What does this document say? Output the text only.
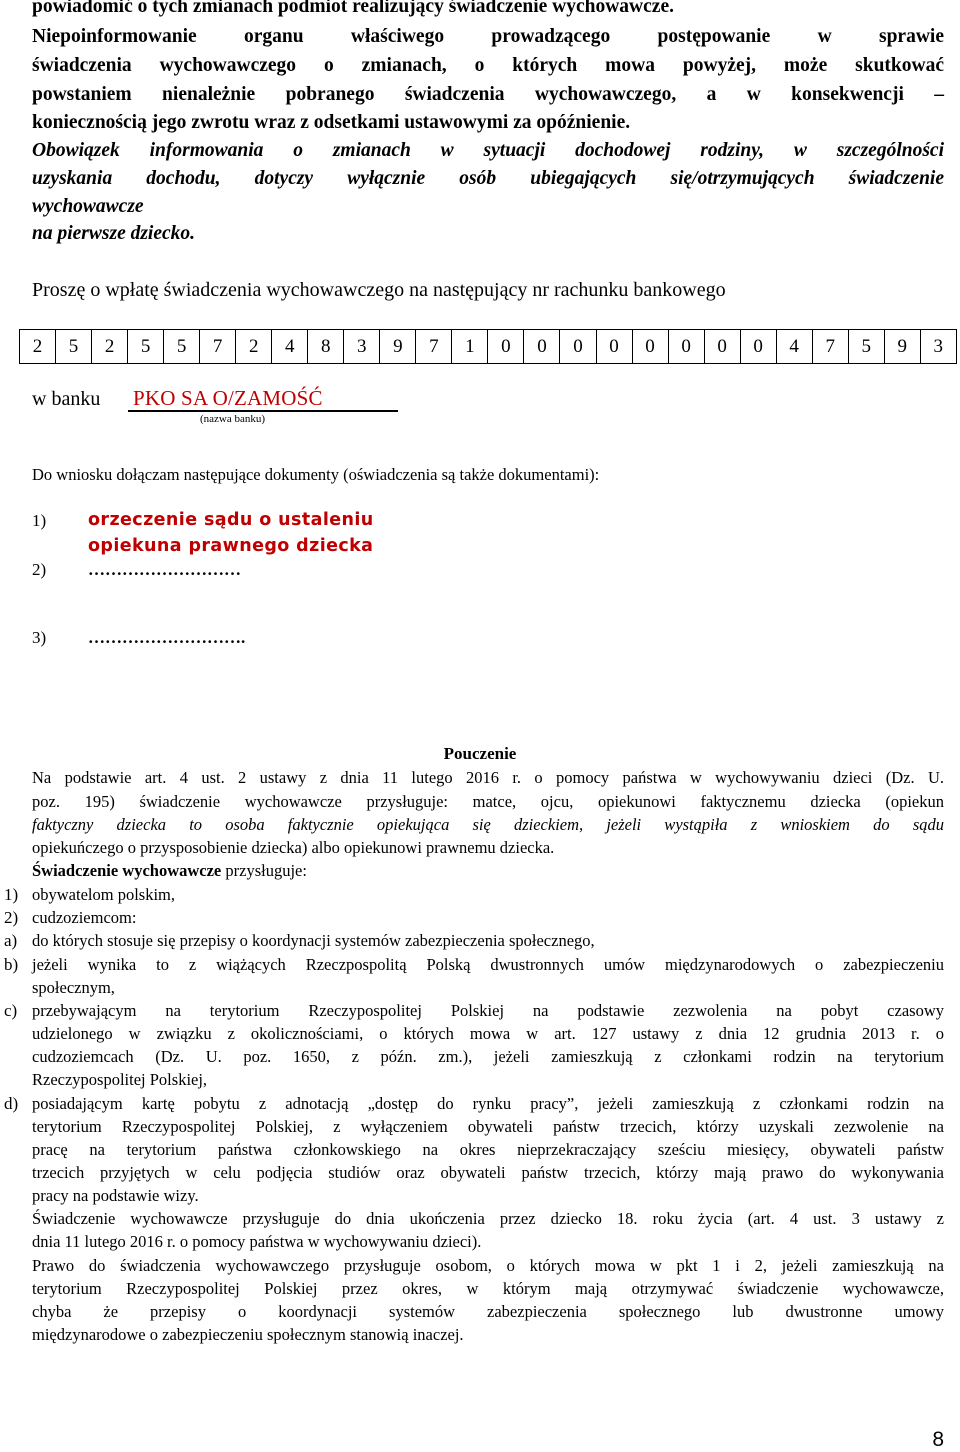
powiadomić o tych zmianach podmiot realizujący świadczenie wychowawcze.
Niepoinformowanie organu właściwego prowadzącego postępowanie w sprawie
świadczenia wychowawczego o zmianach, o których mowa powyżej, może skutkować
powstaniem nienależnie pobranego świadczenia wychowawczego, a w konsekwencji –
koniecznością jego zwrotu wraz z odsetkami ustawowymi za opóźnienie.
Obowiązek informowania o zmianach w sytuacji dochodowej rodziny, w szczególności
uzyskania dochodu, dotyczy wyłącznie osób ubiegających się/otrzymujących świadczenie
wychowawcze
na pierwsze dziecko.
Proszę o wpłatę świadczenia wychowawczego na następujący nr rachunku bankowego
2	5	2	5	5	7	2	4	8	3	9	7	1	0	0	0	0	0	0	0	0	4	7	5	9	3
w banku	PKO SA O/ZAMOŚĆ
(nazwa banku)
Do wniosku dołączam następujące dokumenty (oświadczenia są także dokumentami):
1) orzeczenie sądu o ustaleniu
opiekuna prawnego dziecka
2) ………………………
3) ……………………….
Pouczenie
Na podstawie art. 4 ust. 2 ustawy z dnia 11 lutego 2016 r. o pomocy państwa w wychowywaniu dzieci (Dz. U.
poz. 195) świadczenie wychowawcze przysługuje: matce, ojcu, opiekunowi faktycznemu dziecka (opiekun
faktyczny dziecka to osoba faktycznie opiekująca się dzieckiem, jeżeli wystąpiła z wnioskiem do sądu
opiekuńczego o przysposobienie dziecka) albo opiekunowi prawnemu dziecka.
Świadczenie wychowawcze przysługuje:
1) obywatelom polskim,
2) cudzoziemcom:
a) do których stosuje się przepisy o koordynacji systemów zabezpieczenia społecznego,
b) jeżeli wynika to z wiążących Rzeczpospolitą Polską dwustronnych umów międzynarodowych o zabezpieczeniu
społecznym,
c) przebywającym na terytorium Rzeczypospolitej Polskiej na podstawie zezwolenia na pobyt czasowy
udzielonego w związku z okolicznościami, o których mowa w art. 127 ustawy z dnia 12 grudnia 2013 r. o
cudzoziemcach (Dz. U. poz. 1650, z późn. zm.), jeżeli zamieszkują z członkami rodzin na terytorium
Rzeczypospolitej Polskiej,
d) posiadającym kartę pobytu z adnotacją „dostęp do rynku pracy”, jeżeli zamieszkują z członkami rodzin na
terytorium Rzeczypospolitej Polskiej, z wyłączeniem obywateli państw trzecich, którzy uzyskali zezwolenie na
pracę na terytorium państwa członkowskiego na okres nieprzekraczający sześciu miesięcy, obywateli państw
trzecich przyjętych w celu podjęcia studiów oraz obywateli państw trzecich, którzy mają prawo do wykonywania
pracy na podstawie wizy.
Świadczenie wychowawcze przysługuje do dnia ukończenia przez dziecko 18. roku życia (art. 4 ust. 3 ustawy z
dnia 11 lutego 2016 r. o pomocy państwa w wychowywaniu dzieci).
Prawo do świadczenia wychowawczego przysługuje osobom, o których mowa w pkt 1 i 2, jeżeli zamieszkują na
terytorium Rzeczypospolitej Polskiej przez okres, w którym mają otrzymywać świadczenie wychowawcze,
chyba że przepisy o koordynacji systemów zabezpieczenia społecznego lub dwustronne umowy
międzynarodowe o zabezpieczeniu społecznym stanowią inaczej.
8
